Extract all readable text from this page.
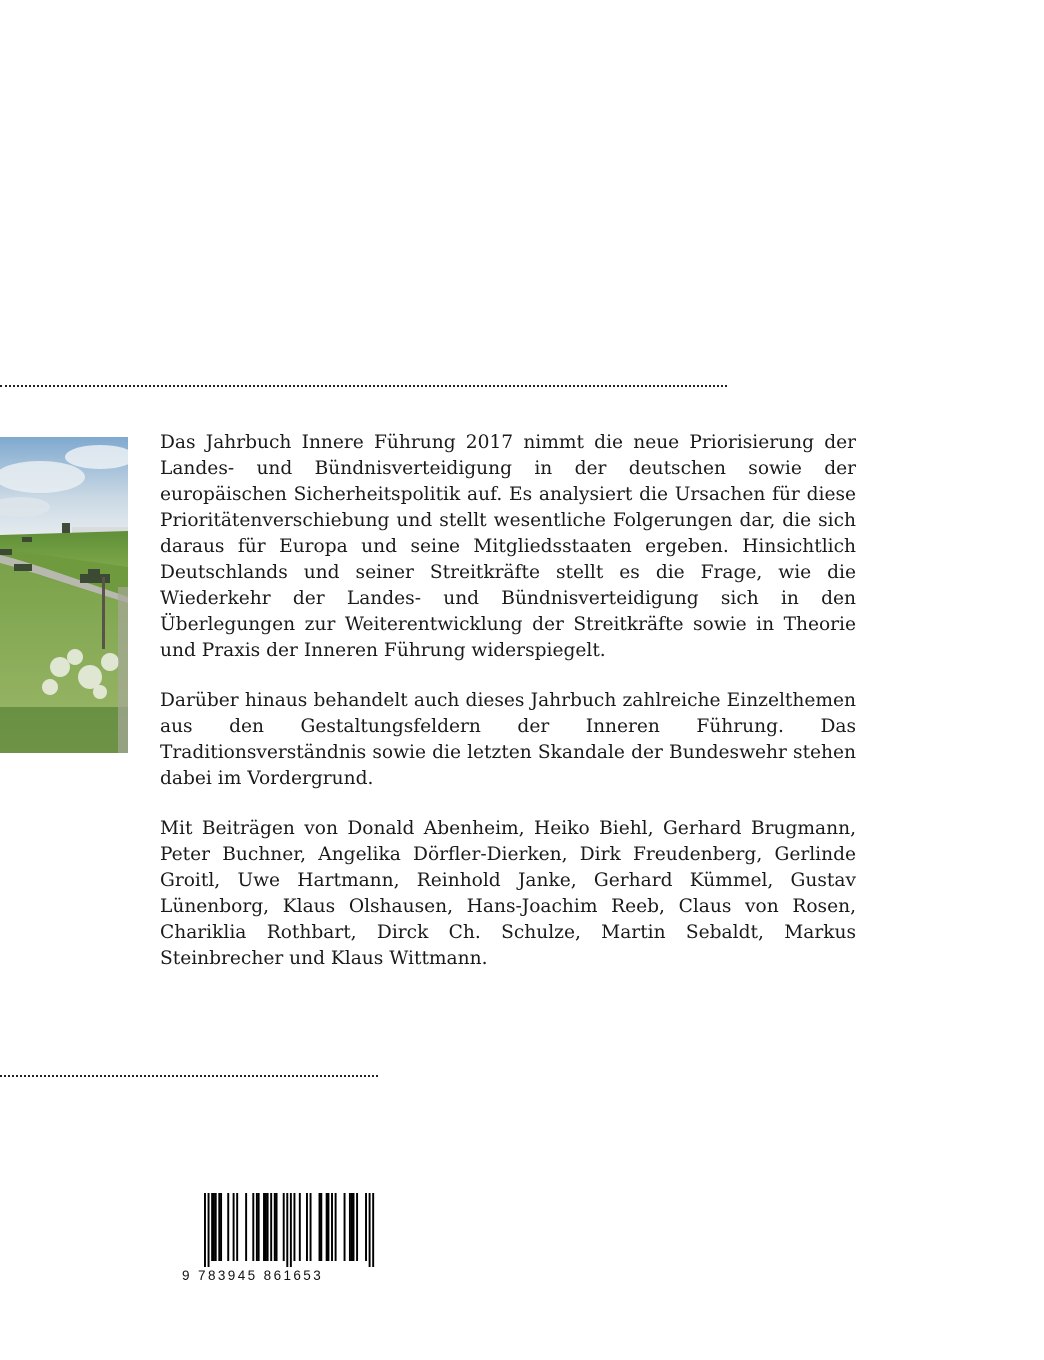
Das Jahrbuch Innere Führung 2017 nimmt die neue Priorisierung der Landes- und Bündnisverteidigung in der deutschen sowie der europäischen Sicherheitspolitik auf. Es analysiert die Ursachen für diese Prioritätenverschiebung und stellt wesentliche Folgerungen dar, die sich daraus für Europa und seine Mitgliedsstaaten ergeben. Hinsichtlich Deutschlands und seiner Streitkräfte stellt es die Frage, wie die Wiederkehr der Landes- und Bündnisverteidigung sich in den Überlegungen zur Weiterentwicklung der Streitkräfte sowie in Theorie und Praxis der Inneren Führung widerspiegelt.

Darüber hinaus behandelt auch dieses Jahrbuch zahlreiche Einzelthemen aus den Gestaltungsfeldern der Inneren Führung. Das Traditionsverständnis sowie die letzten Skandale der Bundeswehr stehen dabei im Vordergrund.

Mit Beiträgen von Donald Abenheim, Heiko Biehl, Gerhard Brugmann, Peter Buchner, Angelika Dörfler-Dierken, Dirk Freudenberg, Gerlinde Groitl, Uwe Hartmann, Reinhold Janke, Gerhard Kümmel, Gustav Lünenborg, Klaus Olshausen, Hans-Joachim Reeb, Claus von Rosen, Chariklia Rothbart, Dirck Ch. Schulze, Martin Sebaldt, Markus Steinbrecher und Klaus Wittmann.

9 783945 861653
